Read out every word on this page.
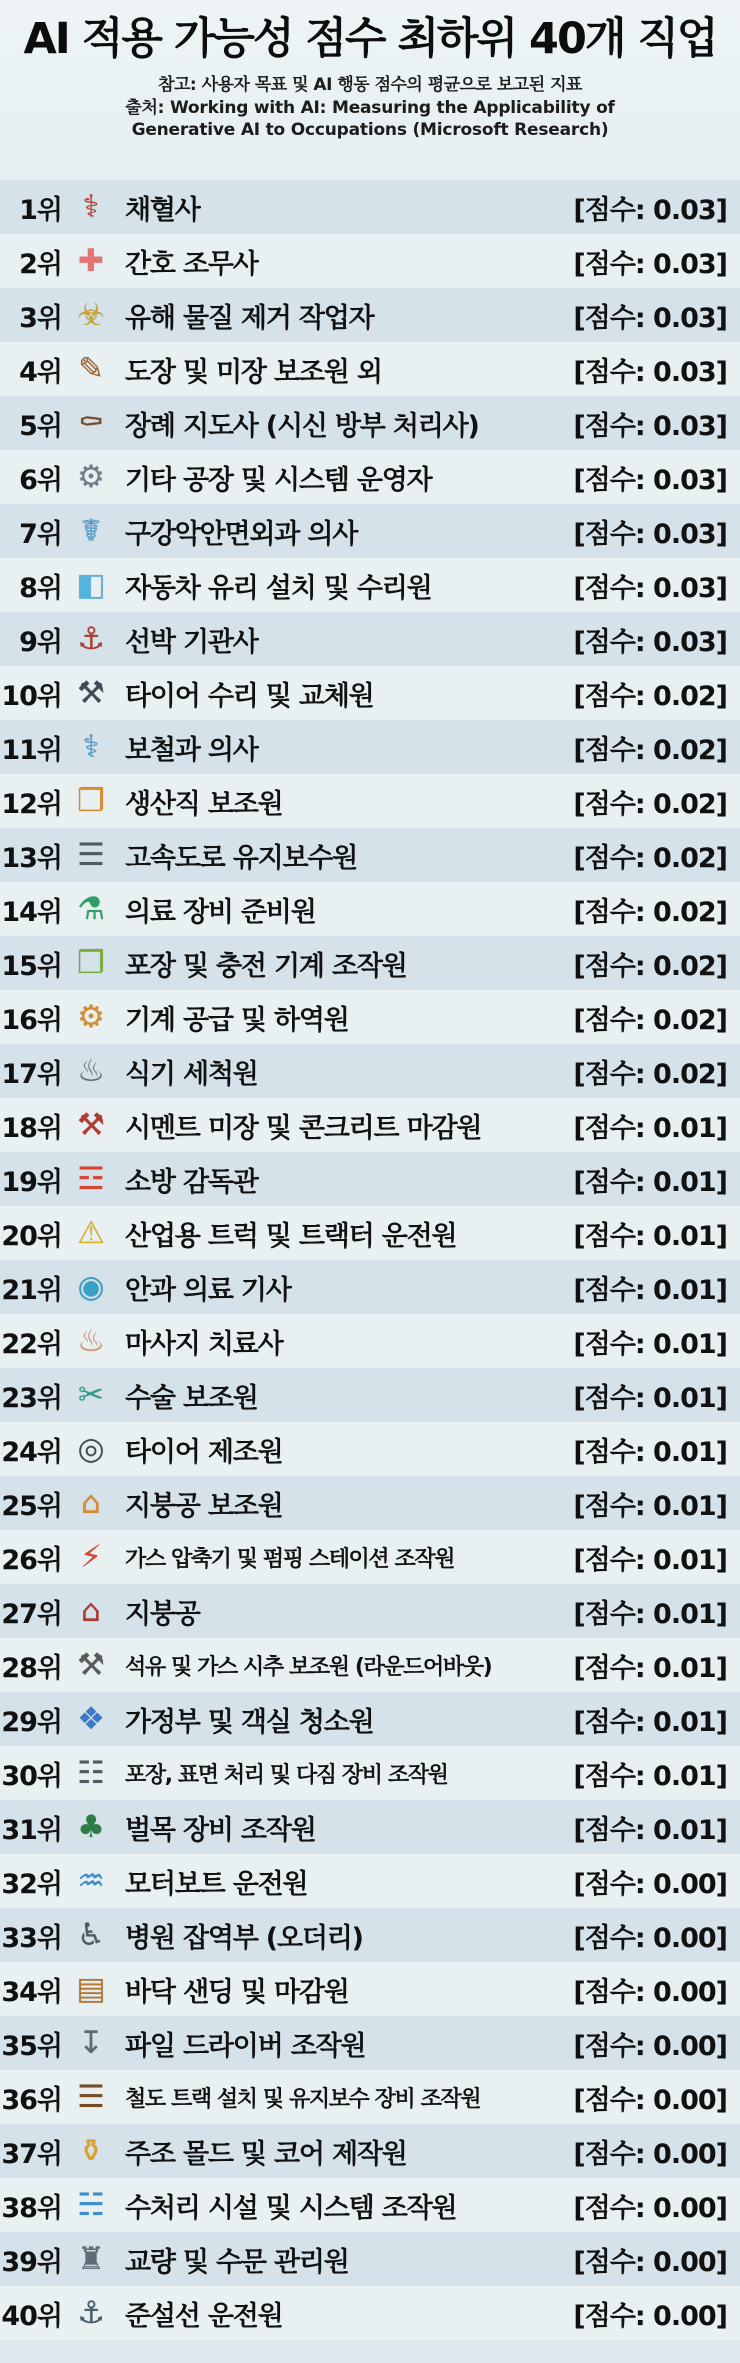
AI 적용 가능성 점수 최하위 40개 직업
참고: 사용자 목표 및 AI 행동 점수의 평균으로 보고된 지표
출처: Working with AI: Measuring the Applicability of Generative AI to Occupations (Microsoft Research)
1위 ⚕ 채혈사	[점수: 0.03]
2위 ✚ 간호 조무사	[점수: 0.03]
3위 ☣ 유해 물질 제거 작업자	[점수: 0.03]
4위 ✎ 도장 및 미장 보조원 외	[점수: 0.03]
5위 ⚰ 장례 지도사 (시신 방부 처리사)	[점수: 0.03]
6위 ⚙ 기타 공장 및 시스템 운영자	[점수: 0.03]
7위 ☤ 구강악안면외과 의사	[점수: 0.03]
8위 ◧ 자동차 유리 설치 및 수리원	[점수: 0.03]
9위 ⚓ 선박 기관사	[점수: 0.03]
10위 ⚒ 타이어 수리 및 교체원	[점수: 0.02]
11위 ⚕ 보철과 의사	[점수: 0.02]
12위 ❒ 생산직 보조원	[점수: 0.02]
13위 ☰ 고속도로 유지보수원	[점수: 0.02]
14위 ⚗ 의료 장비 준비원	[점수: 0.02]
15위 ❒ 포장 및 충전 기계 조작원	[점수: 0.02]
16위 ⚙ 기계 공급 및 하역원	[점수: 0.02]
17위 ♨ 식기 세척원	[점수: 0.02]
18위 ⚒ 시멘트 미장 및 콘크리트 마감원	[점수: 0.01]
19위 ☲ 소방 감독관	[점수: 0.01]
20위 ⚠ 산업용 트럭 및 트랙터 운전원	[점수: 0.01]
21위 ◉ 안과 의료 기사	[점수: 0.01]
22위 ♨ 마사지 치료사	[점수: 0.01]
23위 ✂ 수술 보조원	[점수: 0.01]
24위 ◎ 타이어 제조원	[점수: 0.01]
25위 ⌂ 지붕공 보조원	[점수: 0.01]
26위 ⚡	가스 압축기 및 펌핑 스테이션 조작원	[점수: 0.01]
27위 ⌂ 지붕공	[점수: 0.01]
28위 ⚒ 석유 및 가스 시추 보조원 (라운드어바웃)	[점수: 0.01]
29위 ❖ 가정부 및 객실 청소원	[점수: 0.01]
30위 ☷ 포장, 표면 처리 및 다짐 장비 조작원	[점수: 0.01]
31위 ♣ 벌목 장비 조작원	[점수: 0.01]
32위 ♒ 모터보트 운전원	[점수: 0.00]
33위 ♿ 병원 잡역부 (오더리)	[점수: 0.00]
34위 ▤ 바닥 샌딩 및 마감원	[점수: 0.00]
35위 ↧ 파일 드라이버 조작원	[점수: 0.00]
36위 ☰ 철도 트랙 설치 및 유지보수 장비 조작원	[점수: 0.00]
37위 ⚱ 주조 몰드 및 코어 제작원	[점수: 0.00]
38위 ☵ 수처리 시설 및 시스템 조작원	[점수: 0.00]
39위 ♜ 교량 및 수문 관리원	[점수: 0.00]
40위 ⚓ 준설선 운전원	[점수: 0.00]
